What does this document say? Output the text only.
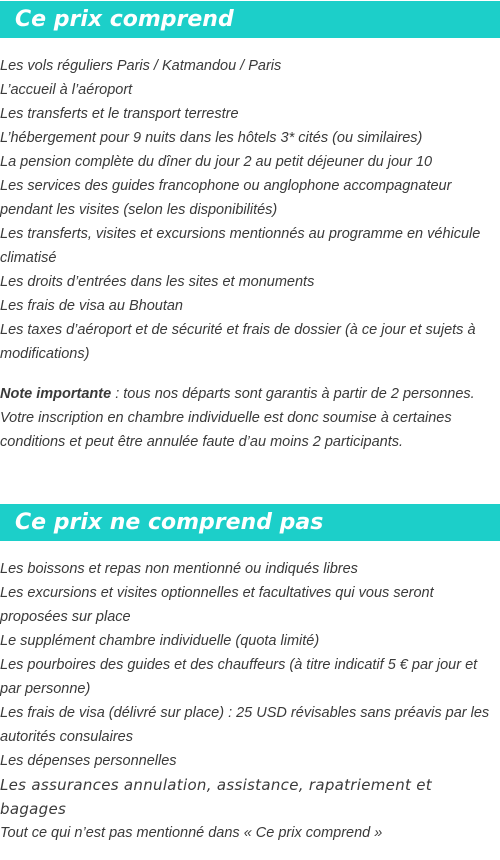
Ce prix comprend
Les vols réguliers Paris / Katmandou / Paris
L’accueil à l’aéroport
Les transferts et le transport terrestre
L’hébergement pour 9 nuits dans les hôtels 3* cités (ou similaires)
La pension complète du dîner du jour 2 au petit déjeuner du jour 10
Les services des guides francophone ou anglophone accompagnateur pendant les visites (selon les disponibilités)
Les transferts, visites et excursions mentionnés au programme en véhicule climatisé
Les droits d’entrées dans les sites et monuments
Les frais de visa au Bhoutan
Les taxes d’aéroport et de sécurité et frais de dossier (à ce jour et sujets à modifications)

Note importante : tous nos départs sont garantis à partir de 2 personnes. Votre inscription en chambre individuelle est donc soumise à certaines conditions et peut être annulée faute d’au moins 2 participants.

Ce prix ne comprend pas
Les boissons et repas non mentionné ou indiqués libres
Les excursions et visites optionnelles et facultatives qui vous seront proposées sur place
Le supplément chambre individuelle (quota limité)
Les pourboires des guides et des chauffeurs (à titre indicatif 5 € par jour et par personne)
Les frais de visa (délivré sur place) : 25 USD révisables sans préavis par les autorités consulaires
Les dépenses personnelles
Les assurances annulation, assistance, rapatriement et bagages
Tout ce qui n’est pas mentionné dans « Ce prix comprend »
